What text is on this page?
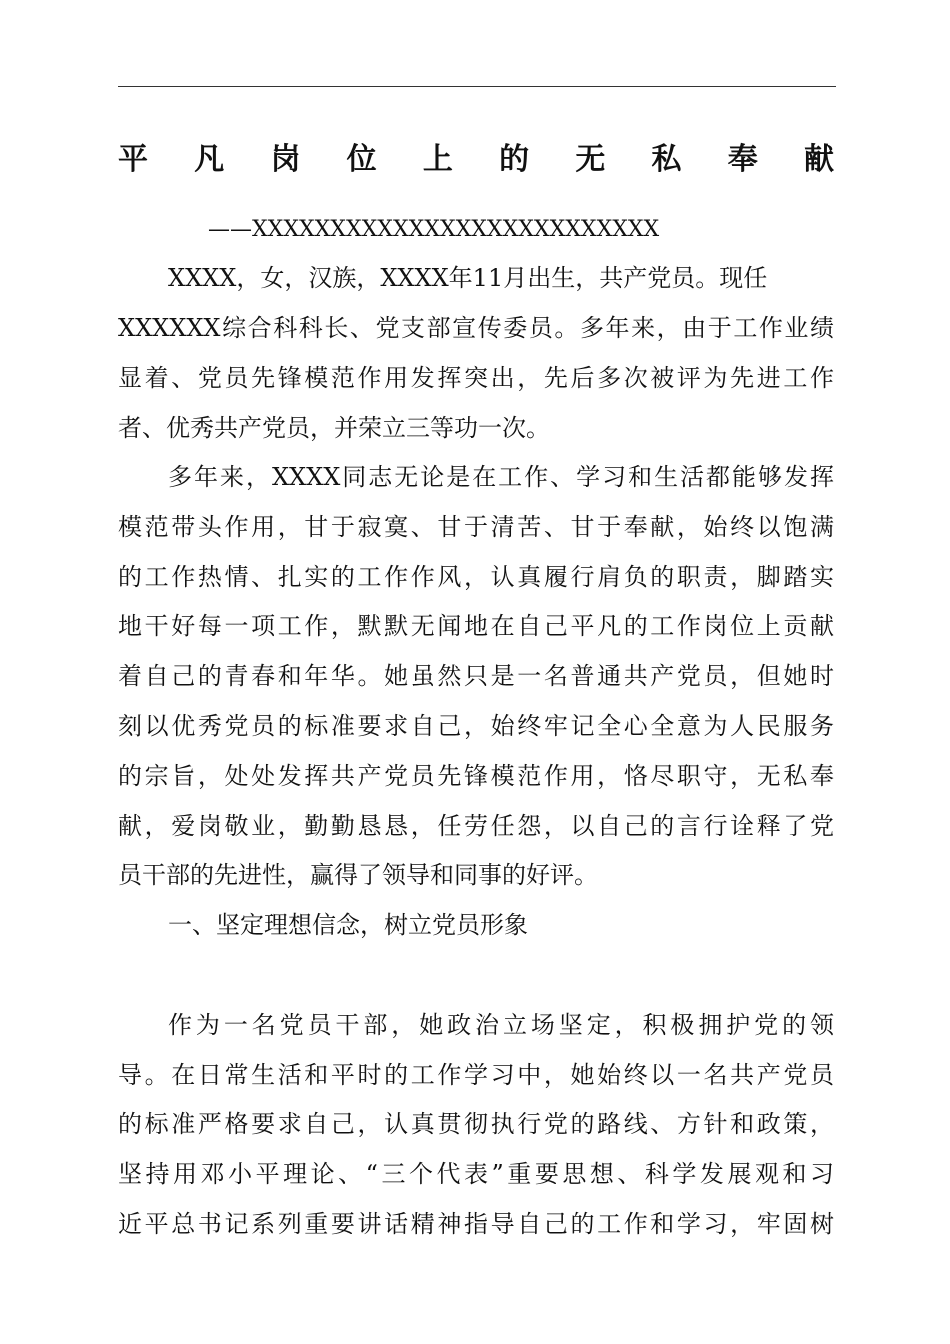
平 凡 岗 位 上 的 无 私 奉 献
——XXXXXXXXXXXXXXXXXXXXXXXXXX
XXXX，女，汉族，XXXX年11月出生，共产党员。现任
XXXXXX综合科科长、党支部宣传委员。多年来，由于工作业绩
显着、党员先锋模范作用发挥突出，先后多次被评为先进工作
者、优秀共产党员，并荣立三等功一次。
多年来，XXXX同志无论是在工作、学习和生活都能够发挥
模范带头作用，甘于寂寞、甘于清苦、甘于奉献，始终以饱满
的工作热情、扎实的工作作风，认真履行肩负的职责，脚踏实
地干好每一项工作，默默无闻地在自己平凡的工作岗位上贡献
着自己的青春和年华。她虽然只是一名普通共产党员，但她时
刻以优秀党员的标准要求自己，始终牢记全心全意为人民服务
的宗旨，处处发挥共产党员先锋模范作用，恪尽职守，无私奉
献，爱岗敬业，勤勤恳恳，任劳任怨，以自己的言行诠释了党
员干部的先进性，赢得了领导和同事的好评。
一、坚定理想信念，树立党员形象
作为一名党员干部，她政治立场坚定，积极拥护党的领
导。在日常生活和平时的工作学习中，她始终以一名共产党员
的标准严格要求自己，认真贯彻执行党的路线、方针和政策，
坚持用邓小平理论、“三个代表”重要思想、科学发展观和习
近平总书记系列重要讲话精神指导自己的工作和学习，牢固树
